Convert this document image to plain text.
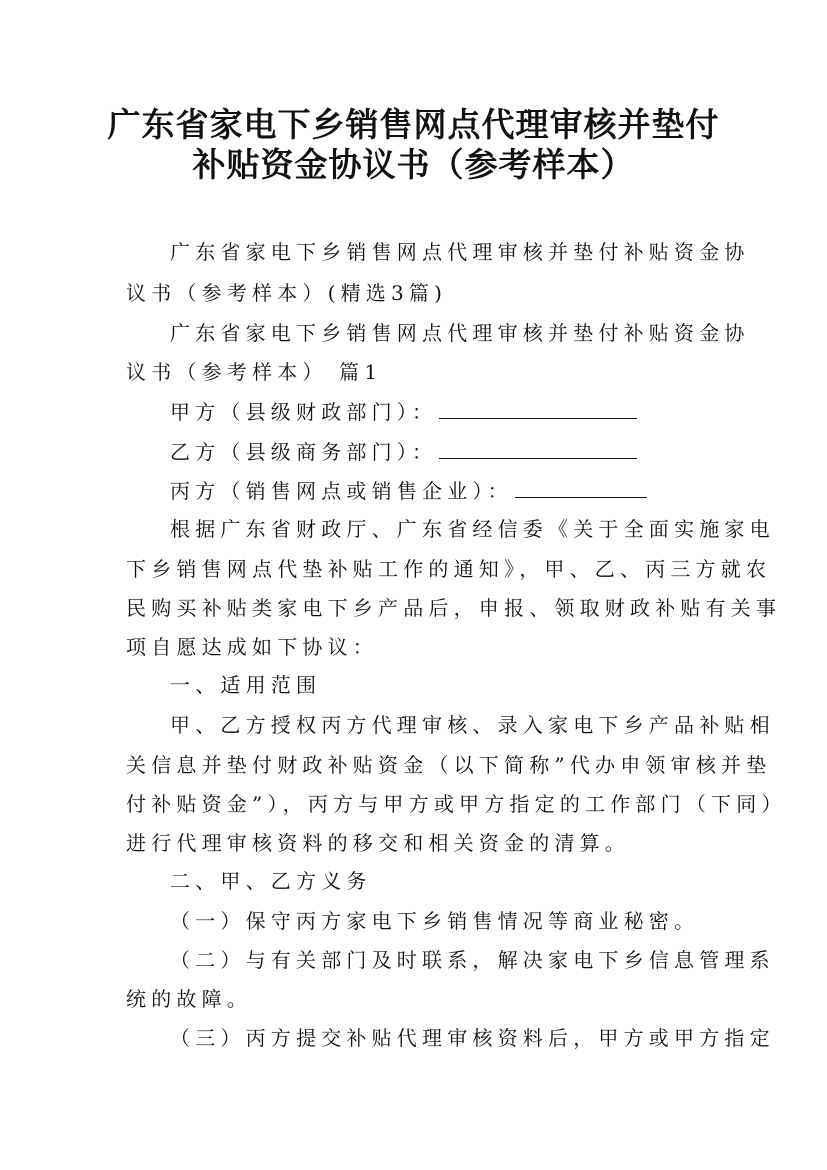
广东省家电下乡销售网点代理审核并垫付
补贴资金协议书（参考样本）
广东省家电下乡销售网点代理审核并垫付补贴资金协
议书（参考样本）(精选3篇)
广东省家电下乡销售网点代理审核并垫付补贴资金协
议书（参考样本） 篇1
甲方（县级财政部门）：
乙方（县级商务部门）：
丙方（销售网点或销售企业）：
根据广东省财政厅、广东省经信委《关于全面实施家电
下乡销售网点代垫补贴工作的通知》，甲、乙、丙三方就农
民购买补贴类家电下乡产品后，申报、领取财政补贴有关事
项自愿达成如下协议：
一、适用范围
甲、乙方授权丙方代理审核、录入家电下乡产品补贴相
关信息并垫付财政补贴资金（以下简称”代办申领审核并垫
付补贴资金”），丙方与甲方或甲方指定的工作部门（下同）
进行代理审核资料的移交和相关资金的清算。
二、甲、乙方义务
（一）保守丙方家电下乡销售情况等商业秘密。
（二）与有关部门及时联系，解决家电下乡信息管理系
统的故障。
（三）丙方提交补贴代理审核资料后，甲方或甲方指定
